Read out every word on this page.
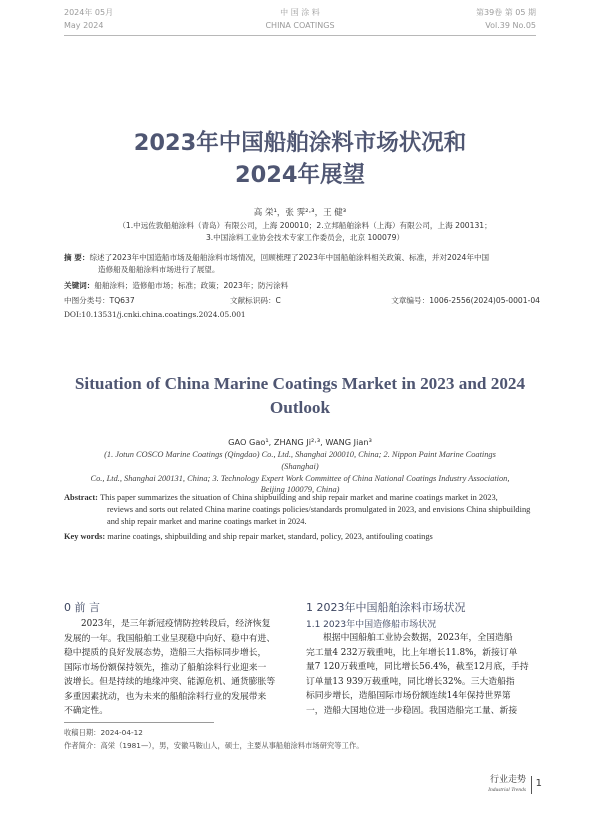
2024年 05月
May 2024
中 国 涂 料
CHINA COATINGS
第39卷 第 05 期
Vol.39 No.05
2023年中国船舶涂料市场状况和
2024年展望
高 栄¹，张 霁²·³，王 健³
（1.中远佐敦船舶涂料（青岛）有限公司，上海 200010；2.立邦船舶涂料（上海）有限公司，上海 200131；
3.中国涂料工业协会技术专家工作委员会，北京 100079）
摘 要：综述了2023年中国造船市场及船舶涂料市场情况，回顾梳理了2023年中国船舶涂料相关政策、标准，并对2024年中国
造修船及船舶涂料市场进行了展望。
关键词：船舶涂料；造修船市场；标准；政策；2023年；防污涂料
中图分类号：TQ637	文献标识码：C	文章编号：1006-2556(2024)05-0001-04
DOI:10.13531/j.cnki.china.coatings.2024.05.001
Situation of China Marine Coatings Market in 2023 and 2024
Outlook
GAO Gao¹, ZHANG Ji²·³, WANG Jian³
(1. Jotun COSCO Marine Coatings (Qingdao) Co., Ltd., Shanghai 200010, China; 2. Nippon Paint Marine Coatings (Shanghai)
Co., Ltd., Shanghai 200131, China; 3. Technology Expert Work Committee of China National Coatings Industry Association,
Beijing 100079, China)
Abstract: This paper summarizes the situation of China shipbuilding and ship repair market and marine coatings market in 2023,
reviews and sorts out related China marine coatings policies/standards promulgated in 2023, and envisions China shipbuilding
and ship repair market and marine coatings market in 2024.
Key words: marine coatings, shipbuilding and ship repair market, standard, policy, 2023, antifouling coatings
0 前 言

2023年，是三年新冠疫情防控转段后，经济恢复

发展的一年。我国船舶工业呈现稳中向好、稳中有进、

稳中提质的良好发展态势，造船三大指标同步增长，

国际市场份额保持领先，推动了船舶涂料行业迎来一

波增长。但是持续的地缘冲突、能源危机、通货膨胀等

多重因素扰动，也为未来的船舶涂料行业的发展带来

不确定性。

1 2023年中国船舶涂料市场状况
1.1 2023年中国造修船市场状况

根据中国船舶工业协会数据，2023年，全国造船

完工量4 232万载重吨，比上年增长11.8%，新接订单

量7 120万载重吨，同比增长56.4%，截至12月底，手持

订单量13 939万载重吨，同比增长32%。三大造船指

标同步增长，造船国际市场份额连续14年保持世界第

一，造船大国地位进一步稳固。我国造船完工量、新接

收稿日期：2024-04-12
作者简介：高栄（1981—），男，安徽马鞍山人，硕士，主要从事船舶涂料市场研究等工作。
行业走势
Industrial Trends
1
